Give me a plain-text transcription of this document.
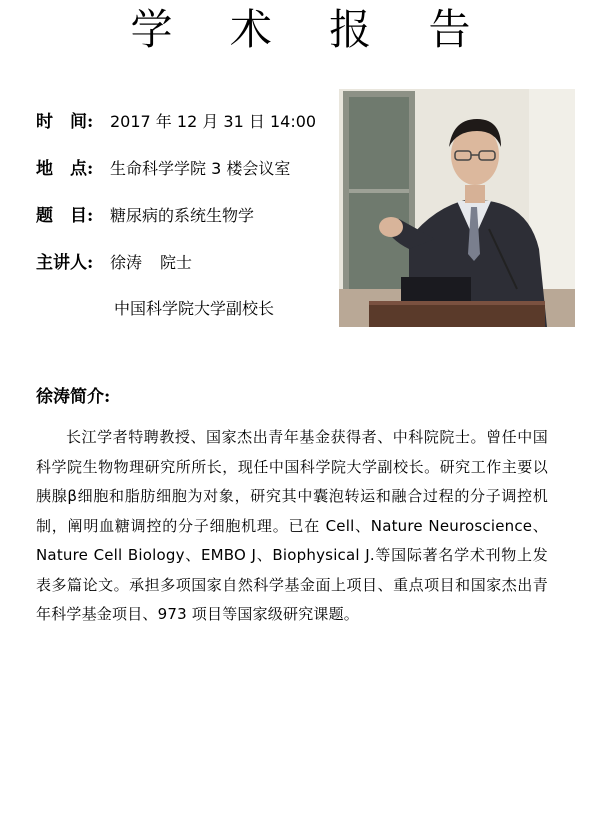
学 术 报 告
时　间: 2017 年 12 月 31 日 14:00
地　点: 生命科学学院 3 楼会议室
题　目: 糖尿病的系统生物学
主讲人: 徐涛 院士
中国科学院大学副校长
徐涛简介:
长江学者特聘教授、国家杰出青年基金获得者、中科院院士。曾任中国科学院生物物理研究所所长，现任中国科学院大学副校长。研究工作主要以胰腺β细胞和脂肪细胞为对象，研究其中囊泡转运和融合过程的分子调控机制，阐明血糖调控的分子细胞机理。已在 Cell、Nature Neuroscience、Nature Cell Biology、EMBO J、Biophysical J.等国际著名学术刊物上发表多篇论文。承担多项国家自然科学基金面上项目、重点项目和国家杰出青年科学基金项目、973 项目等国家级研究课题。
